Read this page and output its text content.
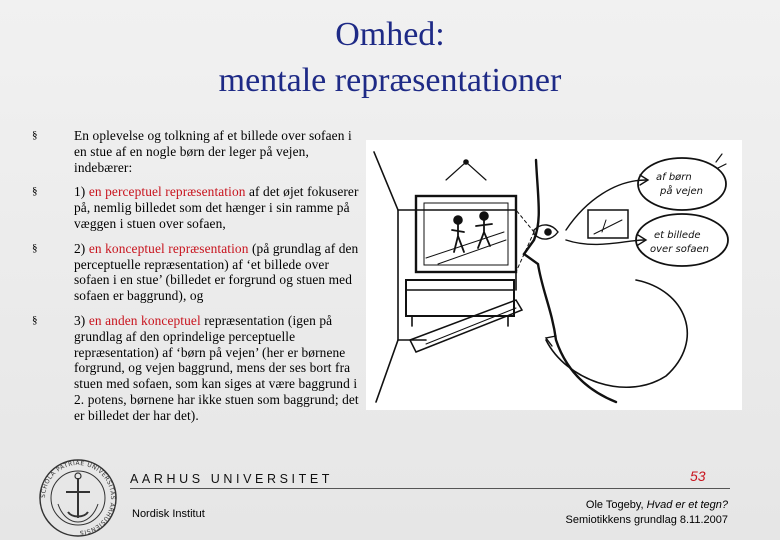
Omhed:
mentale repræsentationer
§	En oplevelse og tolkning af et billede over sofaen i en stue af en nogle børn der leger på vejen, indebærer:
§	1) en perceptuel repræsentation af det øjet fokuserer på, nemlig billedet som det hænger i sin ramme på væggen i stuen over sofaen,
§	2) en konceptuel repræsentation (på grundlag af den perceptuelle repræsentation) af ‘et billede over sofaen i en stue’ (billedet er forgrund og stuen med sofaen er baggrund), og
§	3) en anden konceptuel repræsentation (igen på grundlag af den oprindelige perceptuelle repræsentation) af ‘børn på vejen’ (her er børnene forgrund, og vejen baggrund, mens der ses bort fra stuen med sofaen, som kan siges at være baggrund i 2. potens, børnene har ikke stuen som baggrund; det er billedet der har det).
af børn
på vejen
et billede
over sofaen
SCHOLA PATRIAE UNIVERSITAS ARHUSIENSIS
AARHUS UNIVERSITET	53
Nordisk Institut
Ole Togeby, Hvad er et tegn?
Semiotikkens grundlag 8.11.2007
